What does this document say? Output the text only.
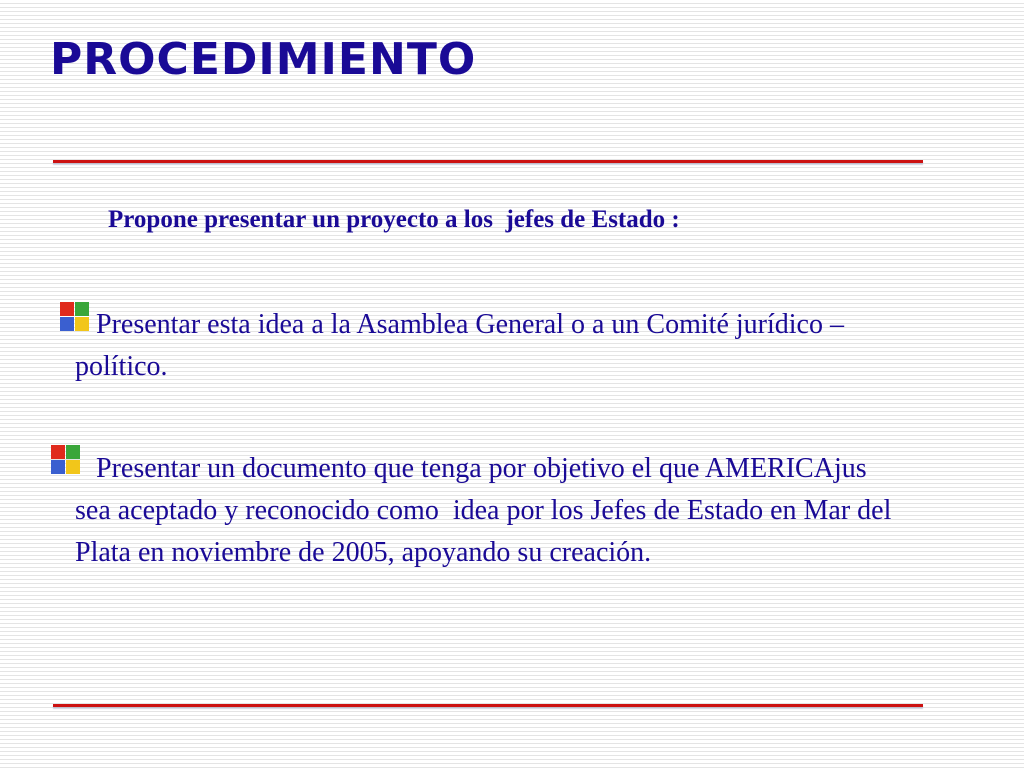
PROCEDIMIENTO

Propone presentar un proyecto a los  jefes de Estado :

Presentar esta idea a la Asamblea General o a un Comité jurídico – político.

Presentar un documento que tenga por objetivo el que AMERICAjus sea aceptado y reconocido como  idea por los Jefes de Estado en Mar del Plata en noviembre de 2005, apoyando su creación.
